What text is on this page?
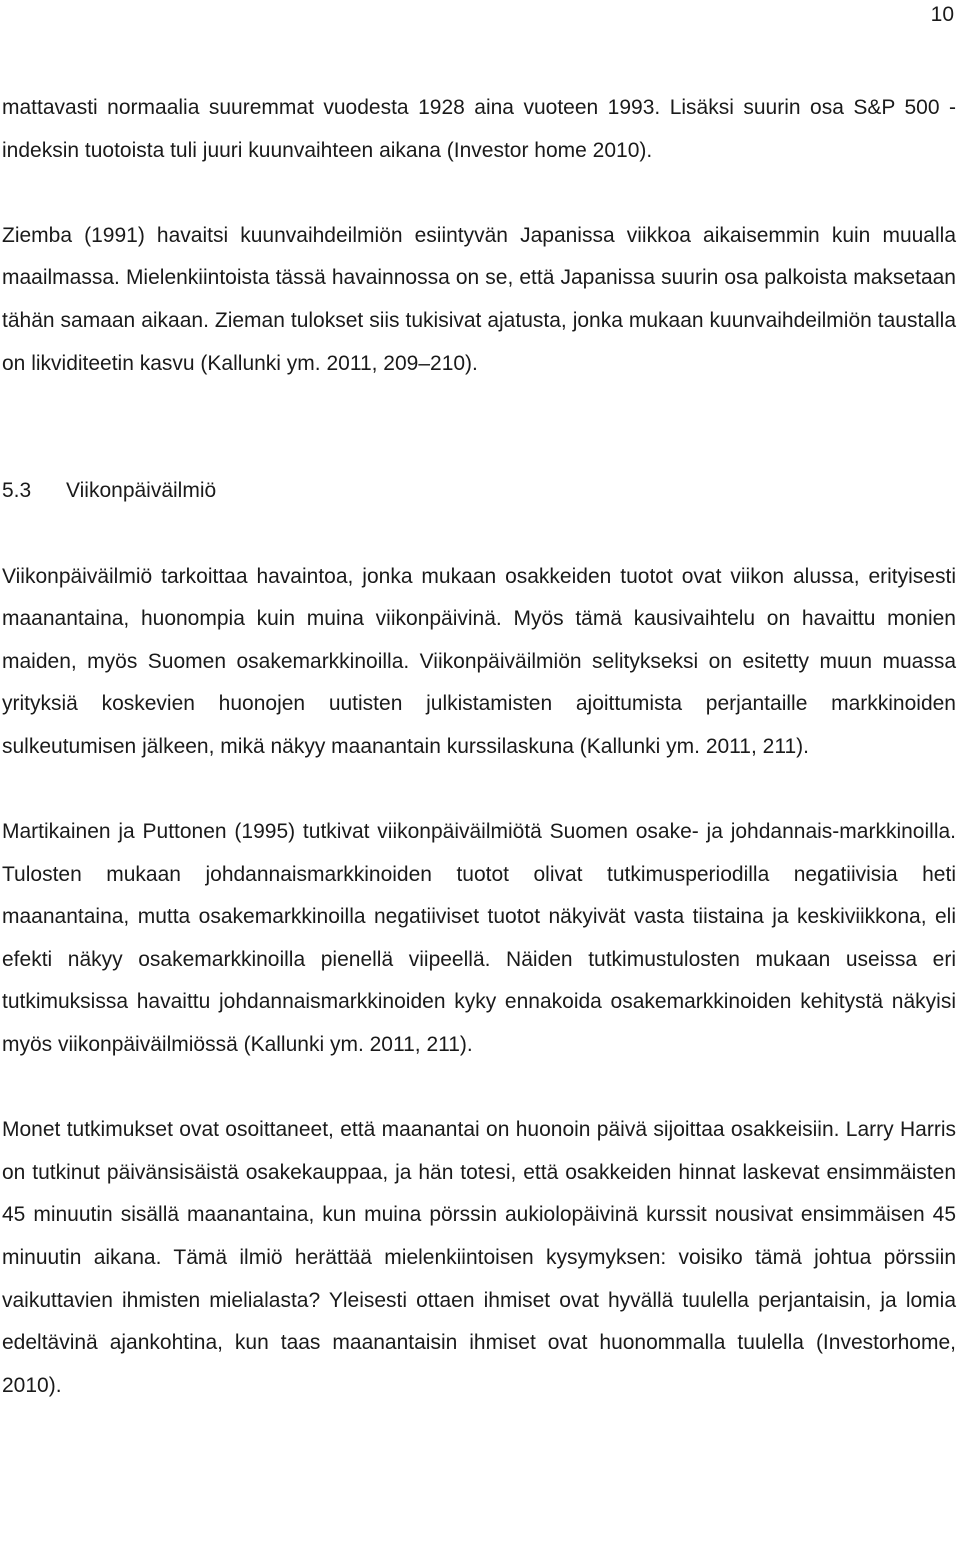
10

mattavasti normaalia suuremmat vuodesta 1928 aina vuoteen 1993. Lisäksi suurin osa S&P 500 -indeksin tuotoista tuli juuri kuunvaihteen aikana (Investor home 2010).

Ziemba (1991) havaitsi kuunvaihdeilmiön esiintyvän Japanissa viikkoa aikaisemmin kuin muualla maailmassa. Mielenkiintoista tässä havainnossa on se, että Japanissa suurin osa palkoista maksetaan tähän samaan aikaan. Zieman tulokset siis tukisivat ajatusta, jonka mukaan kuunvaihdeilmiön taustalla on likviditeetin kasvu (Kallunki ym. 2011, 209–210).

5.3 Viikonpäiväilmiö

Viikonpäiväilmiö tarkoittaa havaintoa, jonka mukaan osakkeiden tuotot ovat viikon alussa, erityisesti maanantaina, huonompia kuin muina viikonpäivinä. Myös tämä kausivaihtelu on havaittu monien maiden, myös Suomen osakemarkkinoilla. Viikonpäiväilmiön selitykseksi on esitetty muun muassa yrityksiä koskevien huonojen uutisten julkistamisten ajoittumista perjantaille markkinoiden sulkeutumisen jälkeen, mikä näkyy maanantain kurssilaskuna (Kallunki ym. 2011, 211).

Martikainen ja Puttonen (1995) tutkivat viikonpäiväilmiötä Suomen osake- ja johdannais-markkinoilla. Tulosten mukaan johdannaismarkkinoiden tuotot olivat tutkimusperiodilla negatiivisia heti maanantaina, mutta osakemarkkinoilla negatiiviset tuotot näkyivät vasta tiistaina ja keskiviikkona, eli efekti näkyy osakemarkkinoilla pienellä viipeellä. Näiden tutkimustulosten mukaan useissa eri tutkimuksissa havaittu johdannaismarkkinoiden kyky ennakoida osakemarkkinoiden kehitystä näkyisi myös viikonpäiväilmiössä (Kallunki ym. 2011, 211).

Monet tutkimukset ovat osoittaneet, että maanantai on huonoin päivä sijoittaa osakkeisiin. Larry Harris on tutkinut päivänsisäistä osakekauppaa, ja hän totesi, että osakkeiden hinnat laskevat ensimmäisten 45 minuutin sisällä maanantaina, kun muina pörssin aukiolopäivinä kurssit nousivat ensimmäisen 45 minuutin aikana. Tämä ilmiö herättää mielenkiintoisen kysymyksen: voisiko tämä johtua pörssiin vaikuttavien ihmisten mielialasta? Yleisesti ottaen ihmiset ovat hyvällä tuulella perjantaisin, ja lomia edeltävinä ajankohtina, kun taas maanantaisin ihmiset ovat huonommalla tuulella (Investorhome, 2010).
